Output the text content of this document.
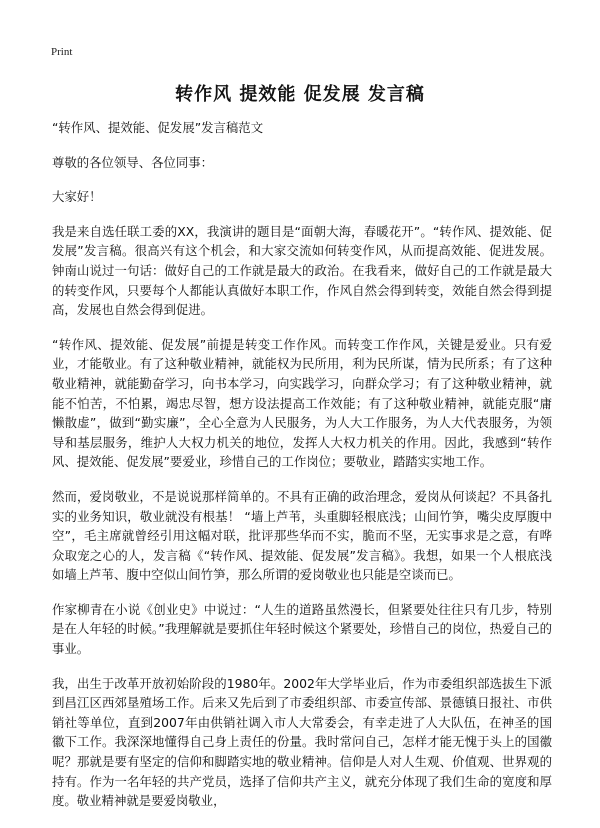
Print
转作风 提效能 促发展 发言稿

“转作风、提效能、促发展”发言稿范文

尊敬的各位领导、各位同事：

大家好！

我是来自选任联工委的XX，我演讲的题目是“面朝大海，春暖花开”。“转作风、提效能、促发展”发言稿。很高兴有这个机会，和大家交流如何转变作风，从而提高效能、促进发展。钟南山说过一句话：做好自己的工作就是最大的政治。在我看来，做好自己的工作就是最大的转变作风，只要每个人都能认真做好本职工作，作风自然会得到转变，效能自然会得到提高，发展也自然会得到促进。

“转作风、提效能、促发展”前提是转变工作作风。而转变工作作风，关键是爱业。只有爱业，才能敬业。有了这种敬业精神，就能权为民所用，利为民所谋，情为民所系；有了这种敬业精神，就能勤奋学习，向书本学习，向实践学习，向群众学习；有了这种敬业精神，就能不怕苦，不怕累，竭忠尽智，想方设法提高工作效能；有了这种敬业精神，就能克服“庸懒散虚”，做到“勤实廉”，全心全意为人民服务，为人大工作服务，为人大代表服务，为领导和基层服务，维护人大权力机关的地位，发挥人大权力机关的作用。因此，我感到“转作风、提效能、促发展”要爱业，珍惜自己的工作岗位；要敬业，踏踏实实地工作。

然而，爱岗敬业，不是说说那样简单的。不具有正确的政治理念，爱岗从何谈起？不具备扎实的业务知识，敬业就没有根基！ “墙上芦苇，头重脚轻根底浅；山间竹笋，嘴尖皮厚腹中空”，毛主席就曾经引用这幅对联，批评那些华而不实，脆而不坚，无实事求是之意，有哗众取宠之心的人，发言稿《“转作风、提效能、促发展”发言稿》。我想，如果一个人根底浅如墙上芦苇、腹中空似山间竹笋，那么所谓的爱岗敬业也只能是空谈而已。

作家柳青在小说《创业史》中说过：“人生的道路虽然漫长，但紧要处往往只有几步，特别是在人年轻的时候。”我理解就是要抓住年轻时候这个紧要处，珍惜自己的岗位，热爱自己的事业。

我，出生于改革开放初始阶段的1980年。2002年大学毕业后，作为市委组织部选拔生下派到昌江区西郊垦殖场工作。后来又先后到了市委组织部、市委宣传部、景德镇日报社、市供销社等单位，直到2007年由供销社调入市人大常委会，有幸走进了人大队伍，在神圣的国徽下工作。我深深地懂得自己身上责任的份量。我时常问自己，怎样才能无愧于头上的国徽呢？那就是要有坚定的信仰和脚踏实地的敬业精神。信仰是人对人生观、价值观、世界观的持有。作为一名年轻的共产党员，选择了信仰共产主义，就充分体现了我们生命的宽度和厚度。敬业精神就是要爱岗敬业，
